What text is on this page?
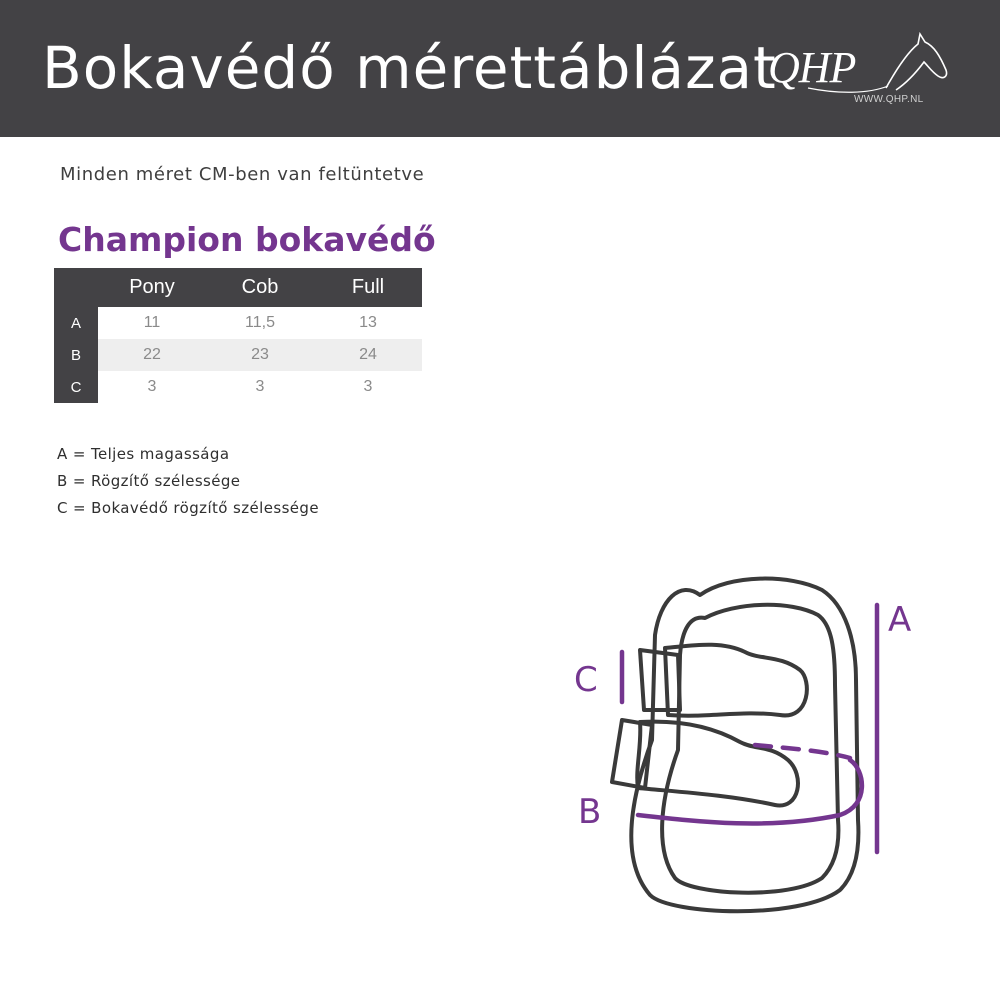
Bokavédő mérettáblázat
QHP
WWW.QHP.NL
Minden méret CM-ben van feltüntetve
Champion bokavédő
	Pony	Cob	Full
A	11	11,5	13
B	22	23	24
C	3	3	3
A = Teljes magassága
B = Rögzítő szélessége
C = Bokavédő rögzítő szélessége
A
C
B
